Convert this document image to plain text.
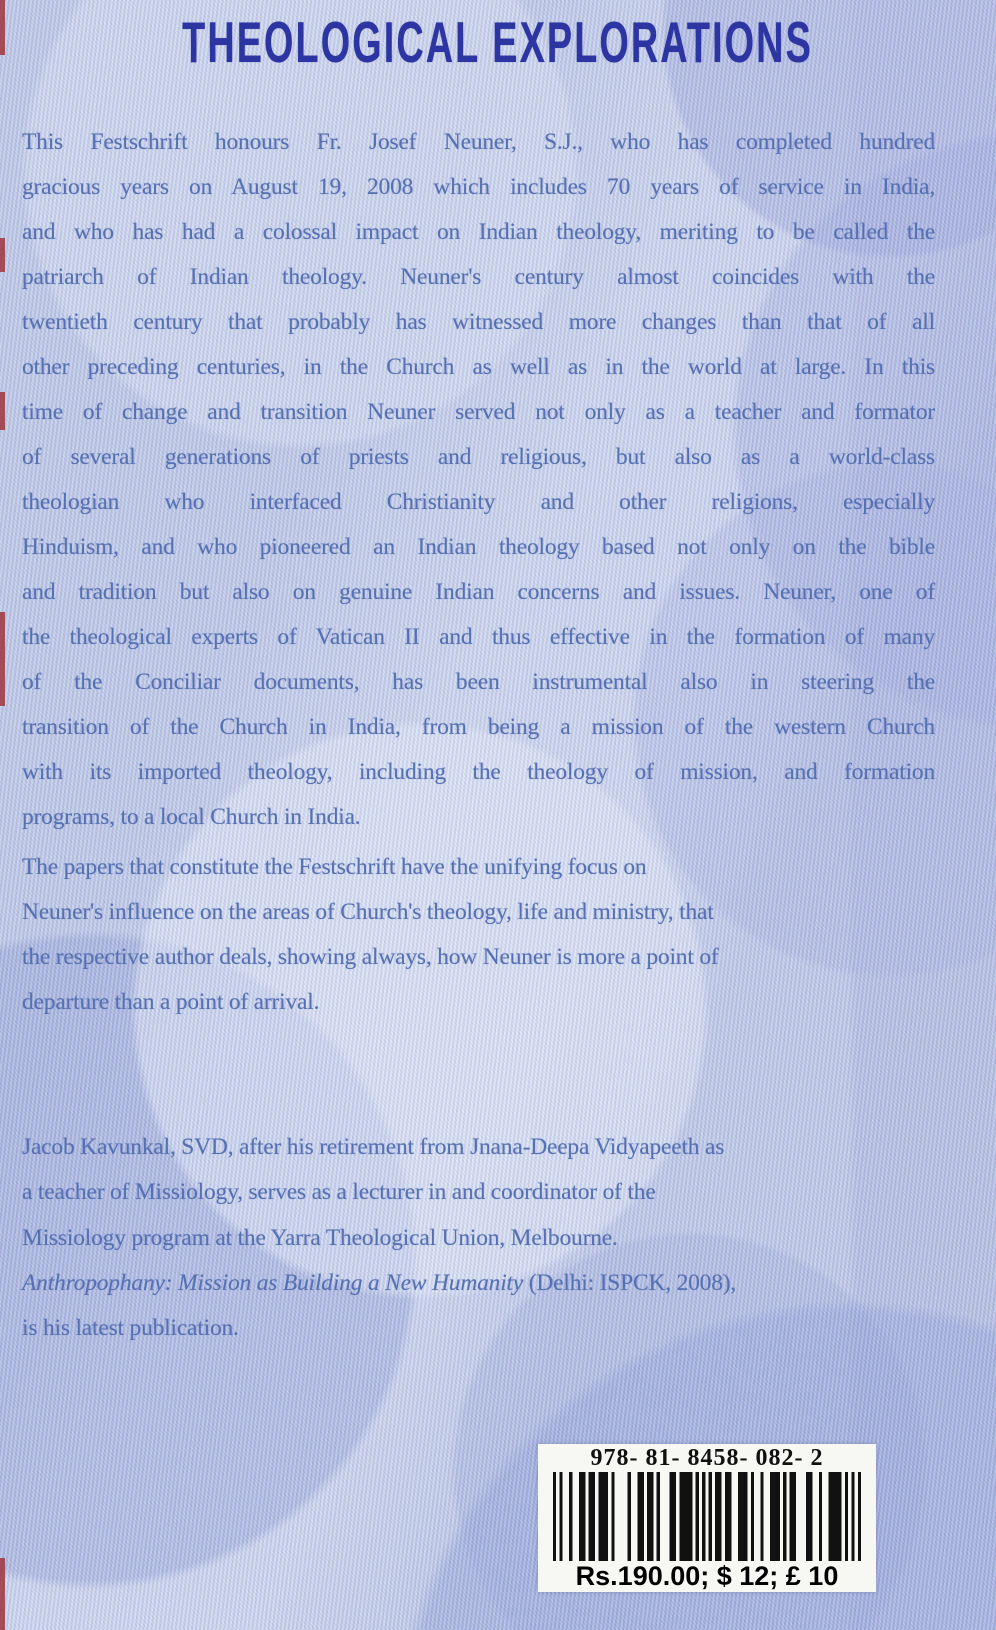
THEOLOGICAL EXPLORATIONS
This Festschrift honours Fr. Josef Neuner, S.J., who has completed hundred
gracious years on August 19, 2008 which includes 70 years of service in India,
and who has had a colossal impact on Indian theology, meriting to be called the
patriarch of Indian theology. Neuner's century almost coincides with the
twentieth century that probably has witnessed more changes than that of all
other preceding centuries, in the Church as well as in the world at large. In this
time of change and transition Neuner served not only as a teacher and formator
of several generations of priests and religious, but also as a world-class
theologian who interfaced Christianity and other religions, especially
Hinduism, and who pioneered an Indian theology based not only on the bible
and tradition but also on genuine Indian concerns and issues. Neuner, one of
the theological experts of Vatican II and thus effective in the formation of many
of the Conciliar documents, has been instrumental also in steering the
transition of the Church in India, from being a mission of the western Church
with its imported theology, including the theology of mission, and formation
programs, to a local Church in India.
The papers that constitute the Festschrift have the unifying focus on
Neuner's influence on the areas of Church's theology, life and ministry, that
the respective author deals, showing always, how Neuner is more a point of
departure than a point of arrival.
Jacob Kavunkal, SVD, after his retirement from Jnana-Deepa Vidyapeeth as
a teacher of Missiology, serves as a lecturer in and coordinator of the
Missiology program at the Yarra Theological Union, Melbourne.
Anthropophany: Mission as Building a New Humanity (Delhi: ISPCK, 2008),
is his latest publication.
978- 81- 8458- 082- 2
Rs.190.00; $ 12; £ 10
